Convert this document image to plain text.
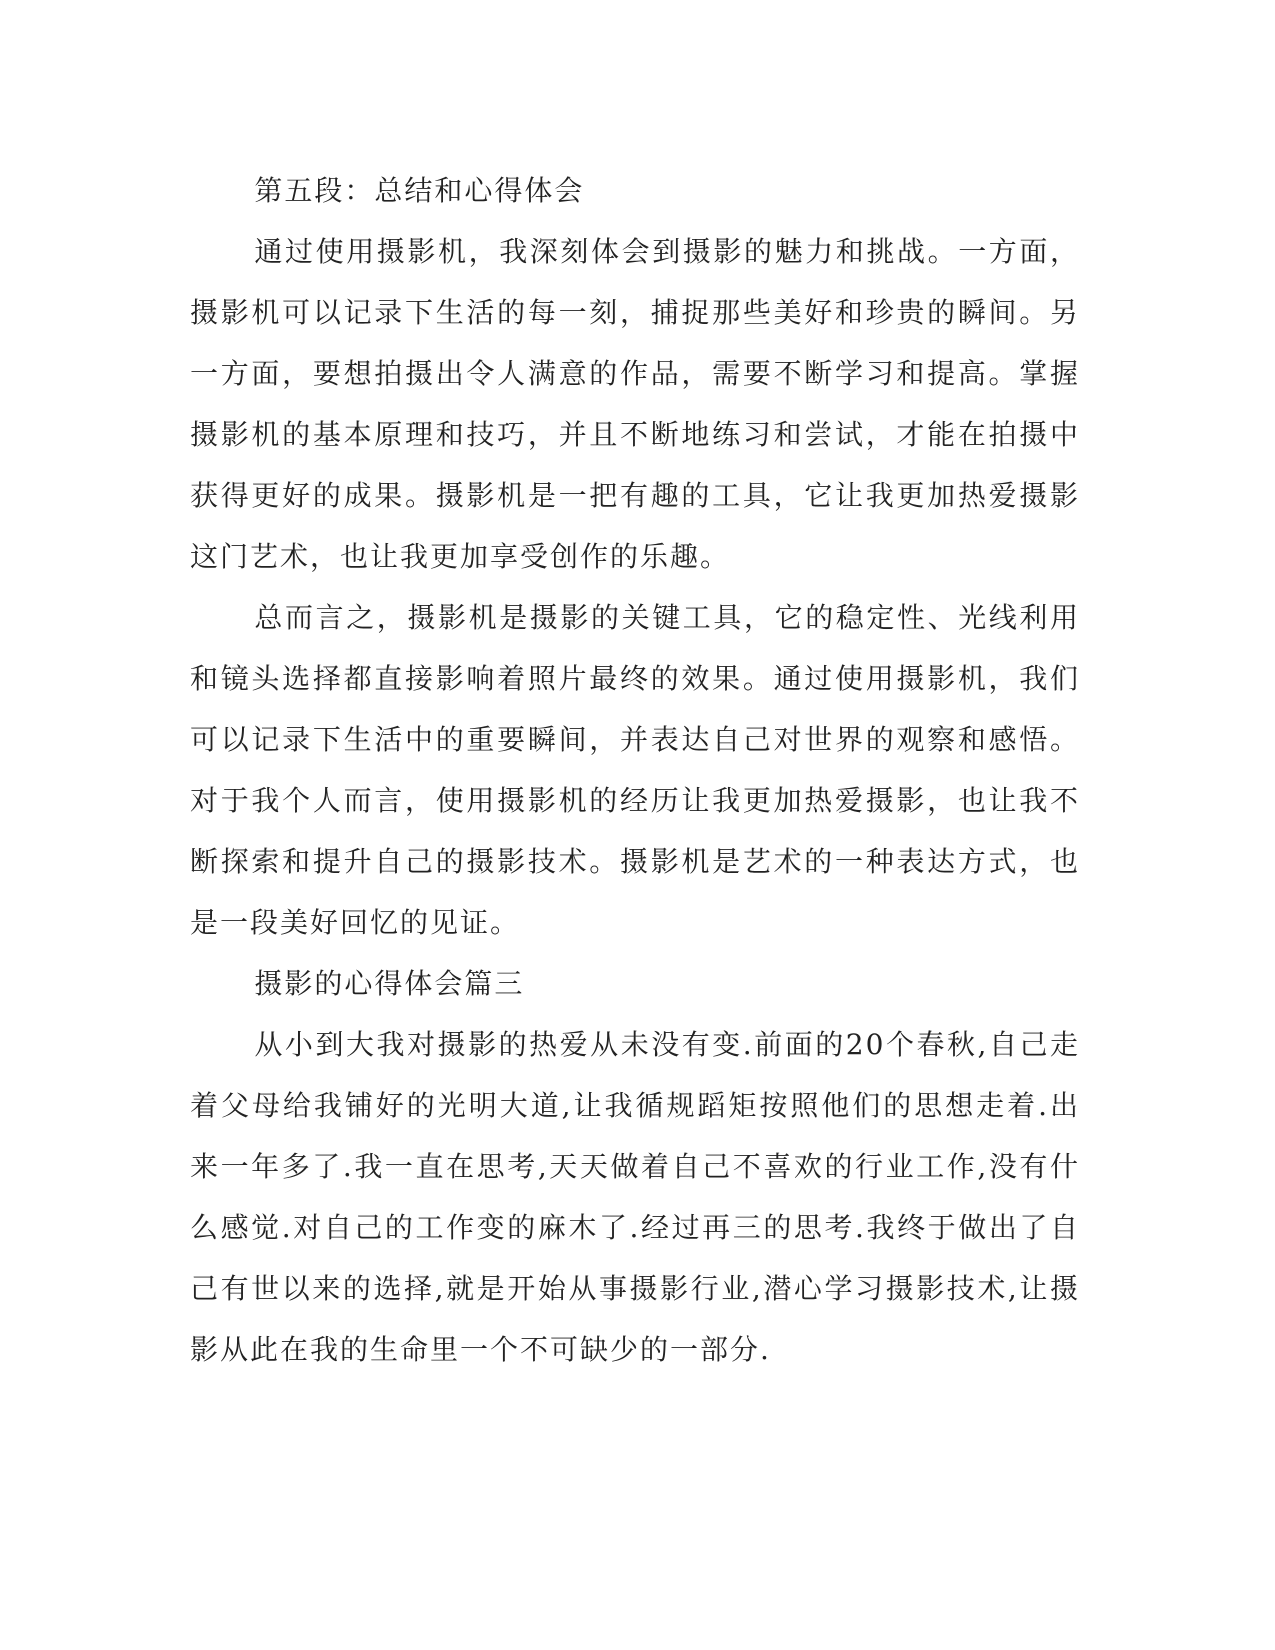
第五段：总结和心得体会

通过使用摄影机，我深刻体会到摄影的魅力和挑战。一方面，摄影机可以记录下生活的每一刻，捕捉那些美好和珍贵的瞬间。另一方面，要想拍摄出令人满意的作品，需要不断学习和提高。掌握摄影机的基本原理和技巧，并且不断地练习和尝试，才能在拍摄中获得更好的成果。摄影机是一把有趣的工具，它让我更加热爱摄影这门艺术，也让我更加享受创作的乐趣。

总而言之，摄影机是摄影的关键工具，它的稳定性、光线利用和镜头选择都直接影响着照片最终的效果。通过使用摄影机，我们可以记录下生活中的重要瞬间，并表达自己对世界的观察和感悟。对于我个人而言，使用摄影机的经历让我更加热爱摄影，也让我不断探索和提升自己的摄影技术。摄影机是艺术的一种表达方式，也是一段美好回忆的见证。

摄影的心得体会篇三

从小到大我对摄影的热爱从未没有变.前面的20个春秋,自己走着父母给我铺好的光明大道,让我循规蹈矩按照他们的思想走着.出来一年多了.我一直在思考,天天做着自己不喜欢的行业工作,没有什么感觉.对自己的工作变的麻木了.经过再三的思考.我终于做出了自己有世以来的选择,就是开始从事摄影行业,潜心学习摄影技术,让摄影从此在我的生命里一个不可缺少的一部分.
